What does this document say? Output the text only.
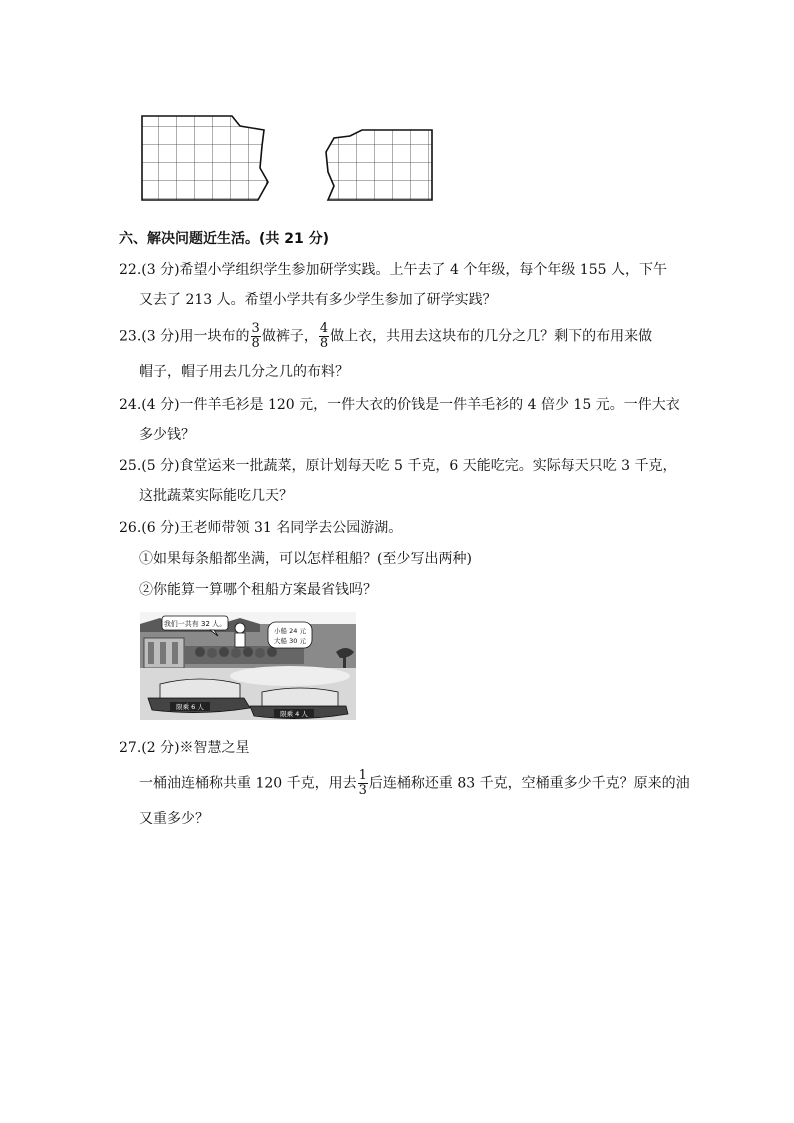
六、解决问题近生活。(共 21 分)
22.(3 分)希望小学组织学生参加研学实践。上午去了 4 个年级，每个年级 155 人，下午
又去了 213 人。希望小学共有多少学生参加了研学实践？
23.(3 分)用一块布的 $\frac{3}{8}$ 做裤子， $\frac{4}{8}$ 做上衣，共用去这块布的几分之几？剩下的布用来做
帽子，帽子用去几分之几的布料？
24.(4 分)一件羊毛衫是 120 元，一件大衣的价钱是一件羊毛衫的 4 倍少 15 元。一件大衣
多少钱？
25.(5 分)食堂运来一批蔬菜，原计划每天吃 5 千克，6 天能吃完。实际每天只吃 3 千克，
这批蔬菜实际能吃几天？
26.(6 分)王老师带领 31 名同学去公园游湖。
①如果每条船都坐满，可以怎样租船？(至少写出两种)
②你能算一算哪个租船方案最省钱吗？
我们一共有 32 人。
小船 24 元
大船 30 元
限乘 6 人
限乘 4 人
27.(2 分)※智慧之星
一桶油连桶称共重 120 千克，用去 $\frac{1}{3}$ 后连桶称还重 83 千克，空桶重多少千克？原来的油
又重多少？
